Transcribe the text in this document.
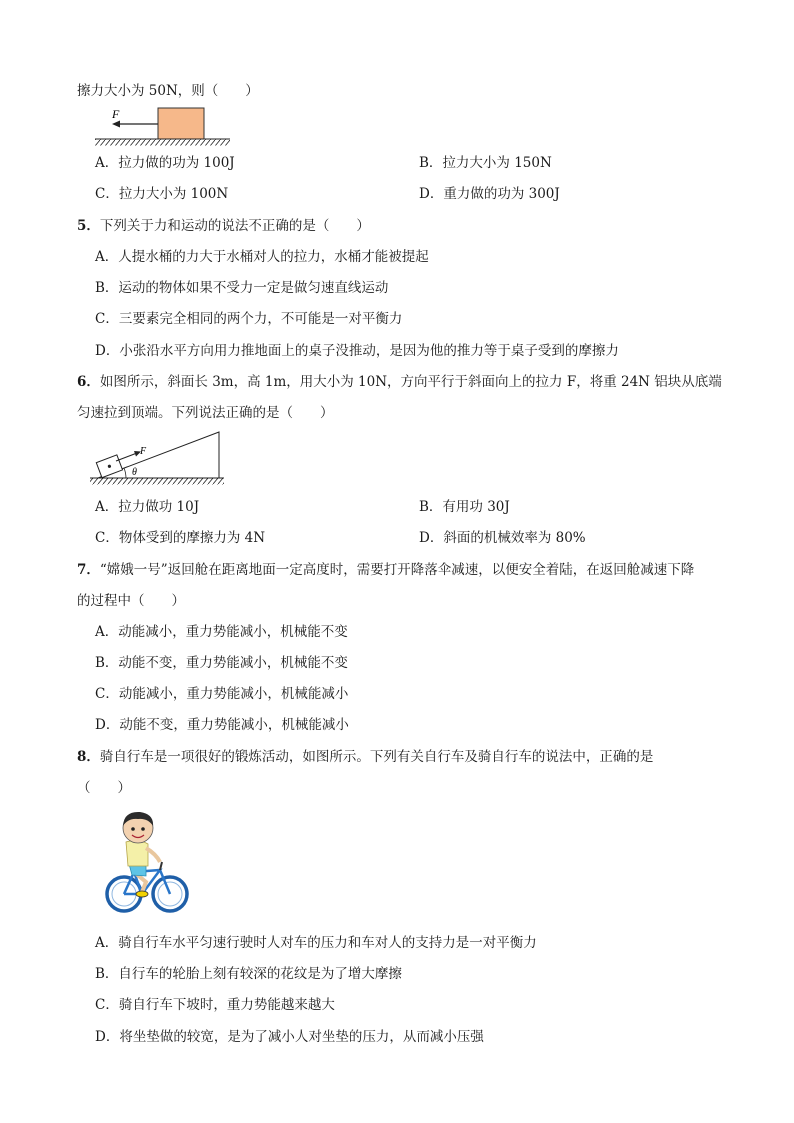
擦力大小为 50N，则（　　）
F
A．拉力做的功为 100J	B．拉力大小为 150N
C．拉力大小为 100N	D．重力做的功为 300J
5．下列关于力和运动的说法不正确的是（　　）
A．人提水桶的力大于水桶对人的拉力，水桶才能被提起
B．运动的物体如果不受力一定是做匀速直线运动
C．三要素完全相同的两个力，不可能是一对平衡力
D．小张沿水平方向用力推地面上的桌子没推动，是因为他的推力等于桌子受到的摩擦力
6．如图所示，斜面长 3m，高 1m，用大小为 10N，方向平行于斜面向上的拉力 F，将重 24N 铝块从底端
匀速拉到顶端。下列说法正确的是（　　）
F
θ
A．拉力做功 10J	B．有用功 30J
C．物体受到的摩擦力为 4N	D．斜面的机械效率为 80%
7．“嫦娥一号”返回舱在距离地面一定高度时，需要打开降落伞减速，以便安全着陆，在返回舱减速下降
的过程中（　　）
A．动能减小，重力势能减小，机械能不变
B．动能不变，重力势能减小，机械能不变
C．动能减小，重力势能减小，机械能减小
D．动能不变，重力势能减小，机械能减小
8．骑自行车是一项很好的锻炼活动，如图所示。下列有关自行车及骑自行车的说法中，正确的是
（　　）
A．骑自行车水平匀速行驶时人对车的压力和车对人的支持力是一对平衡力
B．自行车的轮胎上刻有较深的花纹是为了增大摩擦
C．骑自行车下坡时，重力势能越来越大
D．将坐垫做的较宽，是为了减小人对坐垫的压力，从而减小压强
